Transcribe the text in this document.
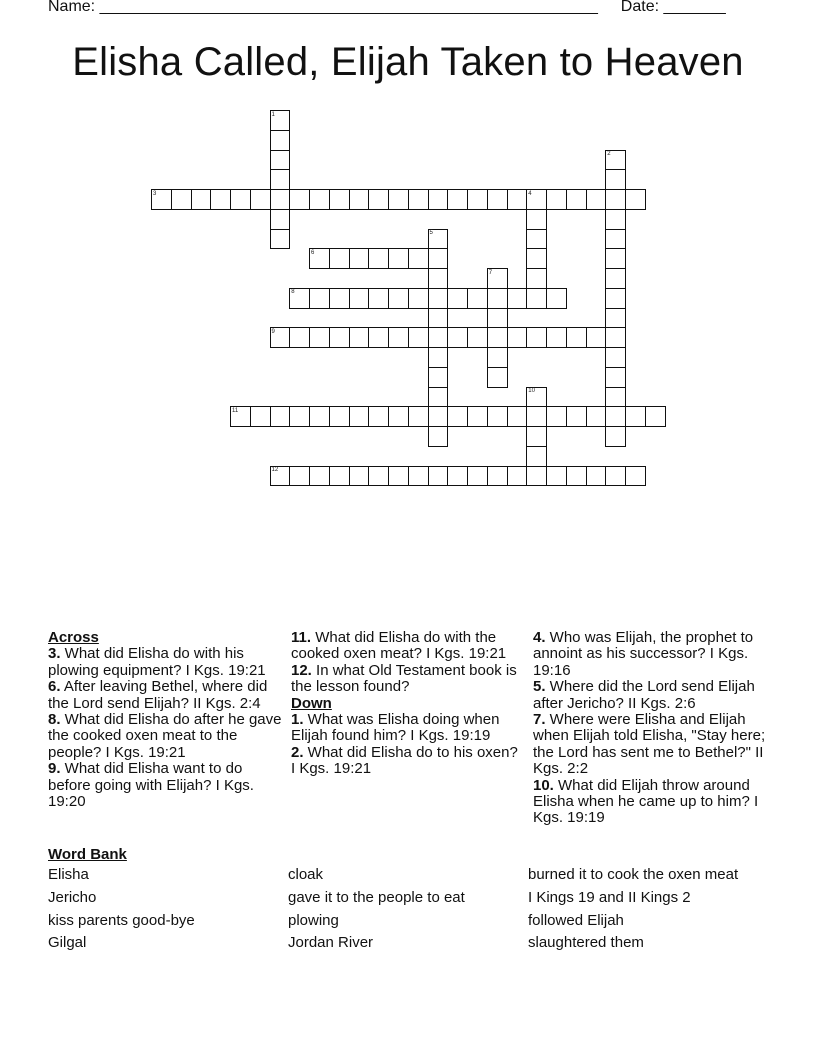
Name: ________________________________________________________ Date: _______
Elisha Called, Elijah Taken to Heaven
1
2
3	4
5
6
7
8
9
10
11
12
Across

3. What did Elisha do with his plowing equipment? I Kgs. 19:21

6. After leaving Bethel, where did the Lord send Elijah? II Kgs. 2:4

8. What did Elisha do after he gave the cooked oxen meat to the people? I Kgs. 19:21

9. What did Elisha want to do before going with Elijah? I Kgs. 19:20

11. What did Elisha do with the cooked oxen meat? I Kgs. 19:21

12. In what Old Testament book is the lesson found?

Down

1. What was Elisha doing when Elijah found him? I Kgs. 19:19

2. What did Elisha do to his oxen? I Kgs. 19:21

4. Who was Elijah, the prophet to annoint as his successor? I Kgs. 19:16

5. Where did the Lord send Elijah after Jericho? II Kgs. 2:6

7. Where were Elisha and Elijah when Elijah told Elisha, "Stay here; the Lord has sent me to Bethel?" II Kgs. 2:2

10. What did Elijah throw around Elisha when he came up to him? I Kgs. 19:19

Word Bank
Elisha
Jericho
kiss parents good-bye
Gilgal
cloak
gave it to the people to eat
plowing
Jordan River
burned it to cook the oxen meat
I Kings 19 and II Kings 2
followed Elijah
slaughtered them
